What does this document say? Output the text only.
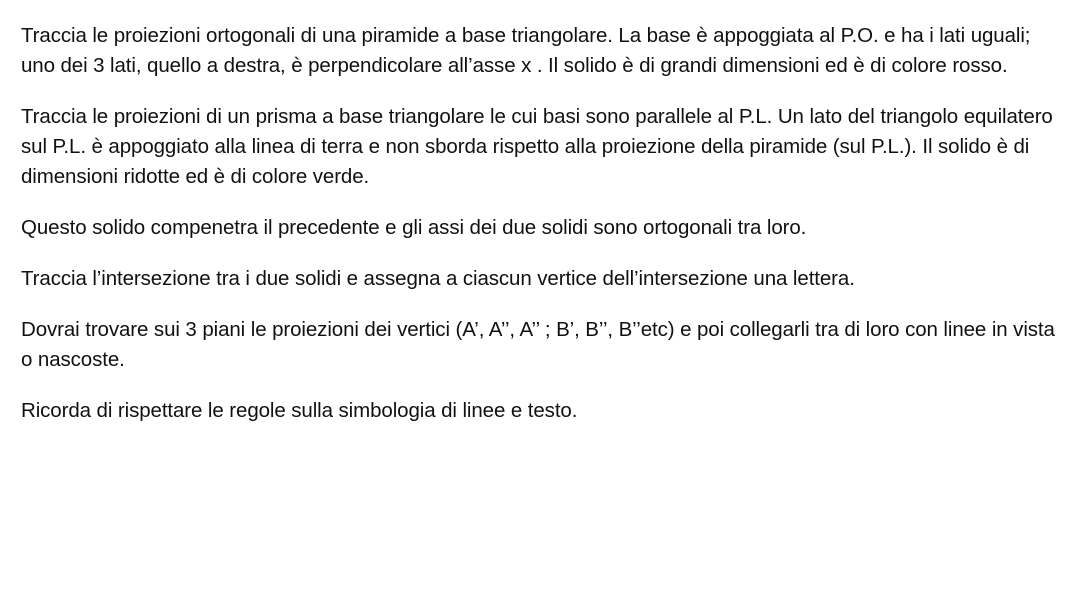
Traccia le proiezioni ortogonali di una piramide a base triangolare. La base è appoggiata al P.O. e ha i lati uguali; uno dei 3 lati, quello a destra, è perpendicolare all’asse x . Il solido è di grandi dimensioni ed è di colore rosso.

Traccia le proiezioni di un prisma a base triangolare le cui basi sono parallele al P.L. Un lato del triangolo equilatero sul P.L. è appoggiato alla linea di terra e non sborda rispetto alla proiezione della piramide (sul P.L.). Il solido è di dimensioni ridotte ed è di colore verde.

Questo solido compenetra il precedente e gli assi dei due solidi sono ortogonali tra loro.

Traccia l’intersezione tra i due solidi e assegna a ciascun vertice dell’intersezione una lettera.

Dovrai trovare sui 3 piani le proiezioni dei vertici (A’, A’’, A’’ ; B’, B’’, B’’etc) e poi collegarli tra di loro con linee in vista o nascoste.

Ricorda di rispettare le regole sulla simbologia di linee e testo.
